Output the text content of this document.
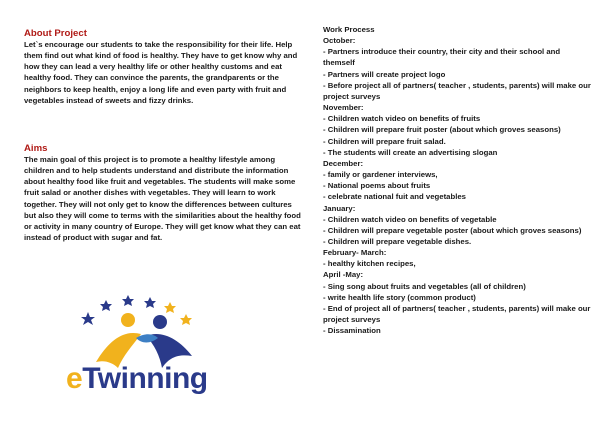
About Project
Let`s encourage our students to take the responsibility for their life. Help them find out what kind of food is healthy. They have to get know why and how they can lead a very healthy life or other healthy customs and eat healthy food. They can convince the parents, the grandparents or the neighbors to keep health, enjoy a long life and even party with fruit and vegetables instead of sweets and fizzy drinks.
Aims
The main goal of this project is to promote a healthy lifestyle among children and to help students understand and distribute the information about healthy food like fruit and vegetables. The students will make some fruit salad or another dishes with vegetables. They will learn to work together. They will not only get to know the differences between cultures but also they will come to terms with the similarities about the healthy food or activity in many country of Europe. They will get know what they can eat instead of product with sugar and fat.
eTwinning
Work Process
October:
- Partners introduce their country, their city and their school and themself
- Partners will create project logo
- Before project all of partners( teacher , students, parents) will make our project surveys
November:
- Children watch video on benefits of fruits
- Children will prepare fruit poster (about which groves seasons)
- Children will prepare fruit salad.
- The students will create an advertising slogan
December:
- family or gardener interviews,
- National poems about fruits
- celebrate national fuit and vegetables
January:
- Children watch video on benefits of vegetable
- Children will prepare vegetable poster (about which groves seasons)
- Children will prepare vegetable dishes.
February- March:
- healthy kitchen recipes,
April -May:
- Sing song about fruits and vegetables (all of children)
- write health life story (common product)
- End of project all of partners( teacher , students, parents) will make our project surveys
- Dissamination
